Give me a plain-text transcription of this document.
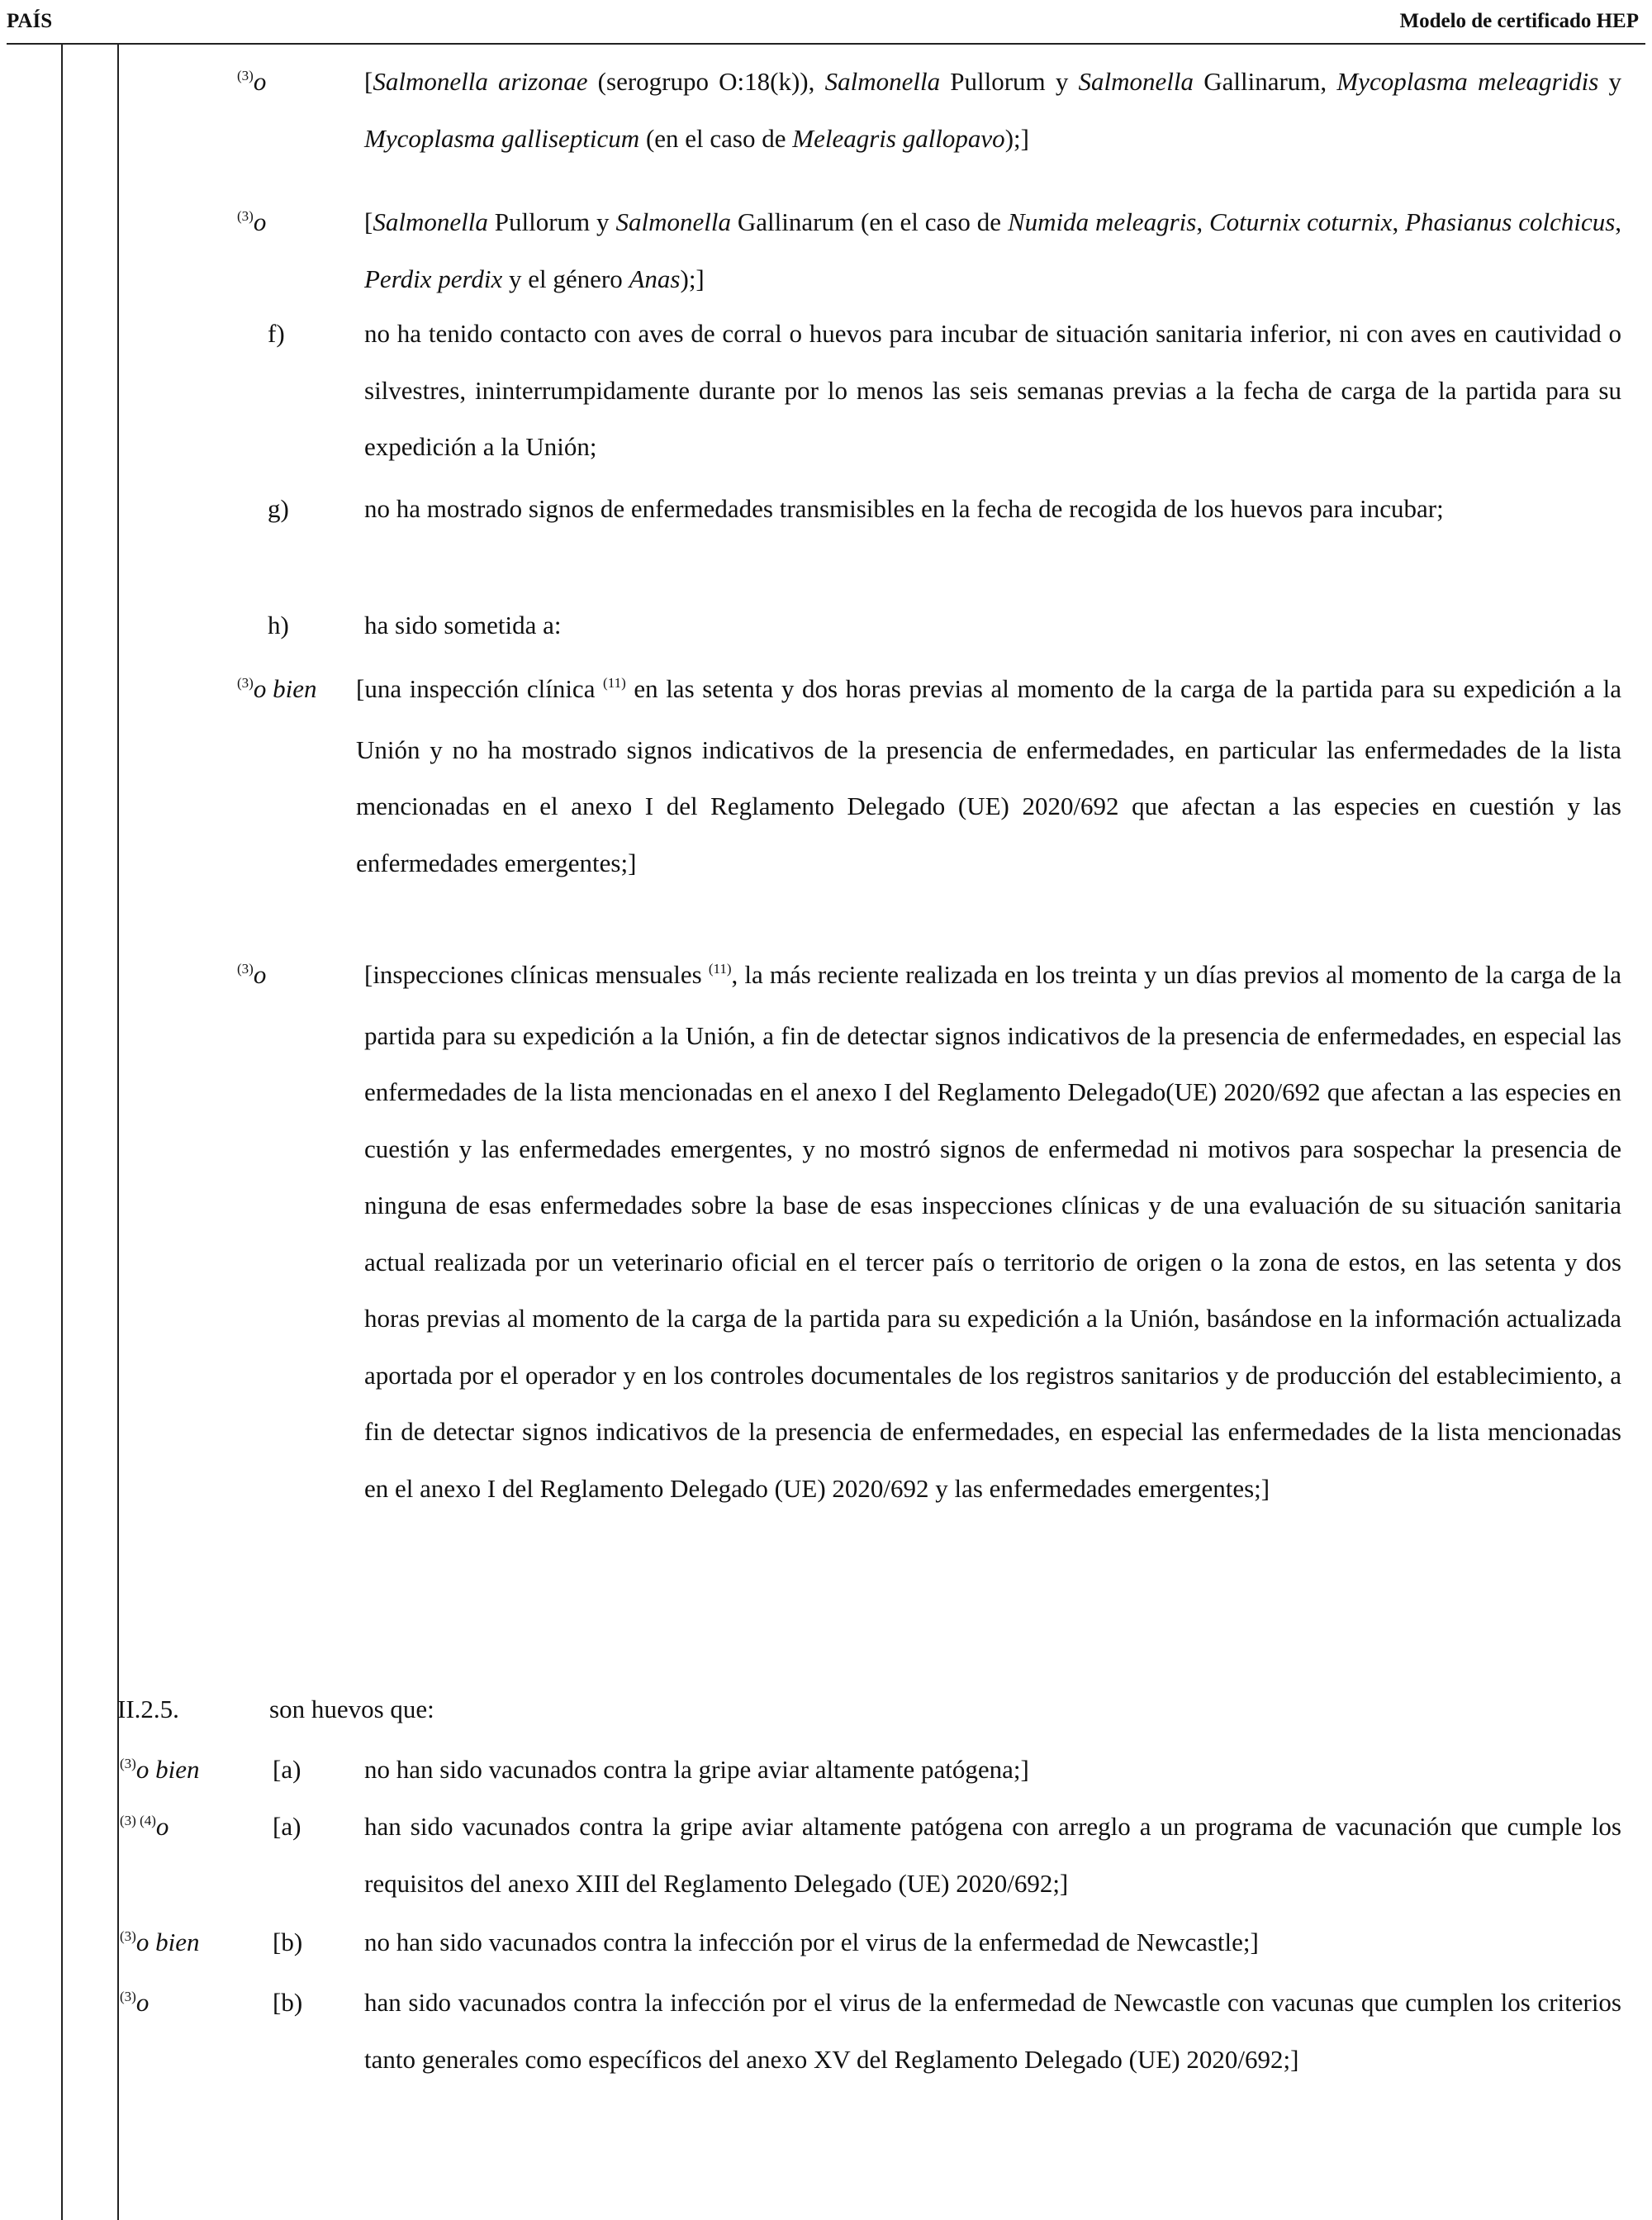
PAÍS	Modelo de certificado HEP
$^{(3)}$o	[Salmonella arizonae (serogrupo O:18(k)), Salmonella Pullorum y Salmonella Gallinarum, Mycoplasma meleagridis y Mycoplasma gallisepticum (en el caso de Meleagris gallopavo);]
$^{(3)}$o	[Salmonella Pullorum y Salmonella Gallinarum (en el caso de Numida meleagris, Coturnix coturnix, Phasianus colchicus, Perdix perdix y el género Anas);]
f)	no ha tenido contacto con aves de corral o huevos para incubar de situación sanitaria inferior, ni con aves en cautividad o silvestres, ininterrumpidamente durante por lo menos las seis semanas previas a la fecha de carga de la partida para su expedición a la Unión;
g)	no ha mostrado signos de enfermedades transmisibles en la fecha de recogida de los huevos para incubar;
h)	ha sido sometida a:
$^{(3)}$o bien [una inspección clínica $^{(11)}$ en las setenta y dos horas previas al momento de la carga de la partida para su expedición a la Unión y no ha mostrado signos indicativos de la presencia de enfermedades, en particular las enfermedades de la lista mencionadas en el anexo I del Reglamento Delegado (UE) 2020/692 que afectan a las especies en cuestión y las enfermedades emergentes;]
$^{(3)}$o	[inspecciones clínicas mensuales $^{(11)}$, la más reciente realizada en los treinta y un días previos al momento de la carga de la partida para su expedición a la Unión, a fin de detectar signos indicativos de la presencia de enfermedades, en especial las enfermedades de la lista mencionadas en el anexo I del Reglamento Delegado(UE) 2020/692 que afectan a las especies en cuestión y las enfermedades emergentes, y no mostró signos de enfermedad ni motivos para sospechar la presencia de ninguna de esas enfermedades sobre la base de esas inspecciones clínicas y de una evaluación de su situación sanitaria actual realizada por un veterinario oficial en el tercer país o territorio de origen o la zona de estos, en las setenta y dos horas previas al momento de la carga de la partida para su expedición a la Unión, basándose en la información actualizada aportada por el operador y en los controles documentales de los registros sanitarios y de producción del establecimiento, a fin de detectar signos indicativos de la presencia de enfermedades, en especial las enfermedades de la lista mencionadas en el anexo I del Reglamento Delegado (UE) 2020/692 y las enfermedades emergentes;]
II.2.5.	son huevos que:
$^{(3)}$o bien	[a) no han sido vacunados contra la gripe aviar altamente patógena;]
$^{(3) (4)}$o	[a) han sido vacunados contra la gripe aviar altamente patógena con arreglo a un programa de vacunación que cumple los requisitos del anexo XIII del Reglamento Delegado (UE) 2020/692;]
$^{(3)}$o bien	[b) no han sido vacunados contra la infección por el virus de la enfermedad de Newcastle;]
$^{(3)}$o	[b) han sido vacunados contra la infección por el virus de la enfermedad de Newcastle con vacunas que cumplen los criterios tanto generales como específicos del anexo XV del Reglamento Delegado (UE) 2020/692;]
